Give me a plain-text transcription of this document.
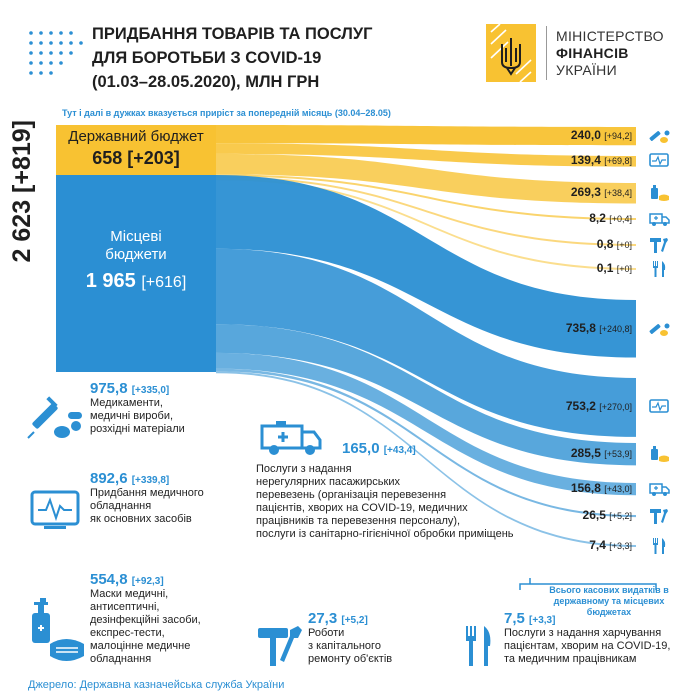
ПРИДБАННЯ ТОВАРІВ ТА ПОСЛУГ
ДЛЯ БОРОТЬБИ З COVID-19
(01.03–28.05.2020), МЛН ГРН
МІНІСТЕРСТВО
ФІНАНСІВ
УКРАЇНИ
Тут і далі в дужках вказується приріст за попередній місяць (30.04–28.05)
2 623 [+819]	Державний бюджет
658 [+203]
Місцеві бюджети
1 965 [+616]
240,0 [+94,2]
139,4 [+69,8]
269,3 [+38,4]
8,2 [+0,4]
0,8 [+0]
0,1 [+0]
735,8 [+240,8]
753,2 [+270,0]
285,5 [+53,9]
156,8 [+43,0]
26,5 [+5,2]
7,4 [+3,3]
975,8 [+335,0]
Медикаменти,
медичні вироби,
розхідні матеріали
892,6 [+339,8]
Придбання медичного
обладнання
як основних засобів
554,8 [+92,3]
Маски медичні,
антисептичні,
дезінфекційні засоби,
експрес-тести,
малоцінне медичне
обладнання
165,0 [+43,4]
Послуги з надання
нерегулярних пасажирських
перевезень (організація перевезення
пацієнтів, хворих на COVID-19, медичних
працівників та перевезення персоналу),
послуги із санітарно-гігієнічної обробки приміщень
27,3 [+5,2]
Роботи
з капітального
ремонту об'єктів
7,5 [+3,3]
Послуги з надання харчування
пацієнтам, хворим на COVID-19,
та медичним працівникам
Всього касових видатків в державному та місцевих бюджетах
Джерело: Державна казначейська служба України
